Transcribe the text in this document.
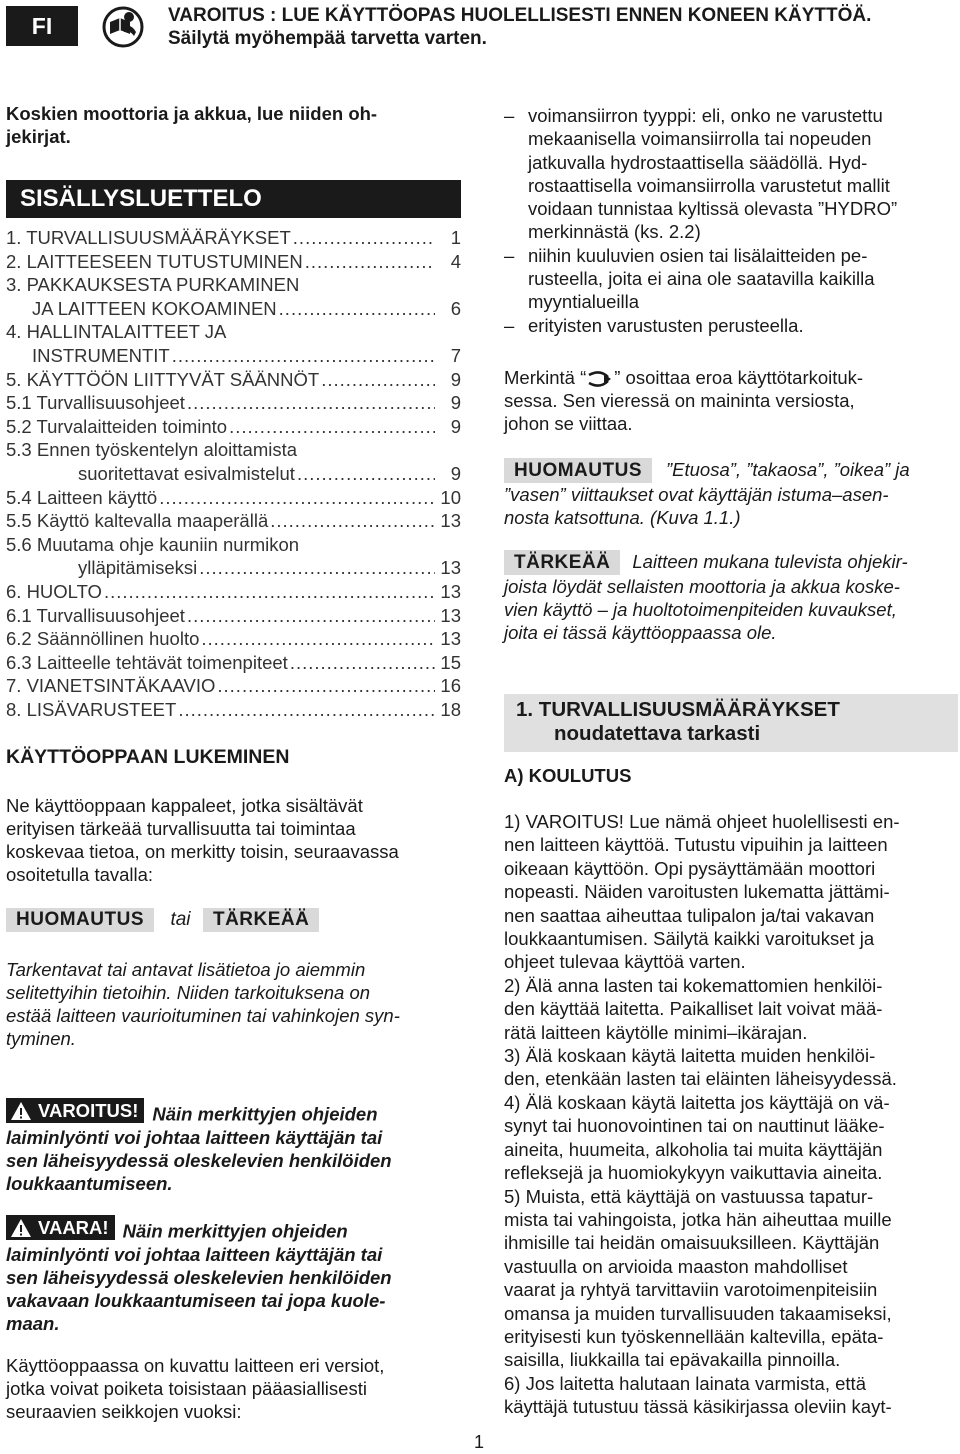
FI	VAROITUS : LUE KÄYTTÖOPAS HUOLELLISESTI ENNEN KONEEN KÄYTTÖÄ.
Säilytä myöhempää tarvetta varten.

Koskien moottoria ja akkua, lue niiden oh-

jekirjat.

SISÄLLYSLUETTELO
1. TURVALLISUUSMÄÄRÄYKSET .....	1
2. LAITTEESEEN TUTUSTUMINEN .....	4
3. PAKKAUKSESTA PURKAMINEN
JA LAITTEEN KOKOAMINEN .....	6
4. HALLINTALAITTEET JA
INSTRUMENTIT .....	7
5. KÄYTTÖÖN LIITTYVÄT SÄÄNNÖT .....	9
5.1 Turvallisuusohjeet .....	9
5.2 Turvalaitteiden toiminto .....	9
5.3 Ennen työskentelyn aloittamista
suoritettavat esivalmistelut .....	9
5.4 Laitteen käyttö .....	10
5.5 Käyttö kaltevalla maaperällä .....	13
5.6 Muutama ohje kauniin nurmikon
ylläpitämiseksi .....	13
6. HUOLTO .....	13
6.1 Turvallisuusohjeet .....	13
6.2 Säännöllinen huolto .....	13
6.3 Laitteelle tehtävät toimenpiteet .....	15
7. VIANETSINTÄKAAVIO .....	16
8. LISÄVARUSTEET .....	18
KÄYTTÖOPPAAN LUKEMINEN

Ne käyttöoppaan kappaleet, jotka sisältävät

erityisen tärkeää turvallisuutta tai toimintaa

koskevaa tietoa, on merkitty toisin, seuraavassa

osoitetulla tavalla:

HUOMAUTUS tai TÄRKEÄÄ

Tarkentavat tai antavat lisätietoa jo aiemmin

selitettyihin tietoihin. Niiden tarkoituksena on

estää laitteen vaurioituminen tai vahinkojen syn-

tyminen.

VAROITUS! Näin merkittyjen ohjeiden

laiminlyönti voi johtaa laitteen käyttäjän tai

sen läheisyydessä oleskelevien henkilöiden

loukkaantumiseen.

VAARA! Näin merkittyjen ohjeiden

laiminlyönti voi johtaa laitteen käyttäjän tai

sen läheisyydessä oleskelevien henkilöiden

vakavaan loukkaantumiseen tai jopa kuole-

maan.

Käyttöoppaassa on kuvattu laitteen eri versiot,

jotka voivat poiketa toisistaan pääasiallisesti

seuraavien seikkojen vuoksi:

1
– voimansiirron tyyppi: eli, onko ne varustettu
mekaanisella voimansiirrolla tai nopeuden
jatkuvalla hydrostaattisella säädöllä. Hyd-
rostaattisella voimansiirrolla varustetut mallit
voidaan tunnistaa kyltissä olevasta ”HYDRO”
merkinnästä (ks. 2.2)
– niihin kuuluvien osien tai lisälaitteiden pe-
rusteella, joita ei aina ole saatavilla kaikilla
myyntialueilla
– erityisten varustusten perusteella.

Merkintä “ ” osoittaa eroa käyttötarkoituk-

sessa. Sen vieressä on maininta versiosta,

johon se viittaa.

HUOMAUTUS ”Etuosa”, ”takaosa”, ”oikea” ja

”vasen” viittaukset ovat käyttäjän istuma–asen-

nosta katsottuna. (Kuva 1.1.)

TÄRKEÄÄ Laitteen mukana tulevista ohjekir-

joista löydät sellaisten moottoria ja akkua koske-

vien käyttö – ja huoltotoimenpiteiden kuvaukset,

joita ei tässä käyttöoppaassa ole.

1. TURVALLISUUSMÄÄRÄYKSET
noudatettava tarkasti
A) KOULUTUS

1) VAROITUS! Lue nämä ohjeet huolellisesti en-

nen laitteen käyttöä. Tutustu vipuihin ja laitteen

oikeaan käyttöön. Opi pysäyttämään moottori

nopeasti. Näiden varoitusten lukematta jättämi-

nen saattaa aiheuttaa tulipalon ja/tai vakavan

loukkaantumisen. Säilytä kaikki varoitukset ja

ohjeet tulevaa käyttöä varten.

2) Älä anna lasten tai kokemattomien henkilöi-

den käyttää laitetta. Paikalliset lait voivat mää-

rätä laitteen käytölle minimi–ikärajan.

3) Älä koskaan käytä laitetta muiden henkilöi-

den, etenkään lasten tai eläinten läheisyydessä.

4) Älä koskaan käytä laitetta jos käyttäjä on vä-

synyt tai huonovointinen tai on nauttinut lääke-

aineita, huumeita, alkoholia tai muita käyttäjän

refleksejä ja huomiokykyyn vaikuttavia aineita.

5) Muista, että käyttäjä on vastuussa tapatur-

mista tai vahingoista, jotka hän aiheuttaa muille

ihmisille tai heidän omaisuuksilleen. Käyttäjän

vastuulla on arvioida maaston mahdolliset

vaarat ja ryhtyä tarvittaviin varotoimenpiteisiin

omansa ja muiden turvallisuuden takaamiseksi,

erityisesti kun työskennellään kaltevilla, epätа-

saisilla, liukkailla tai epävakailla pinnoilla.

6) Jos laitetta halutaan lainata varmista, että

käyttäjä tutustuu tässä käsikirjassa oleviin kayt-
